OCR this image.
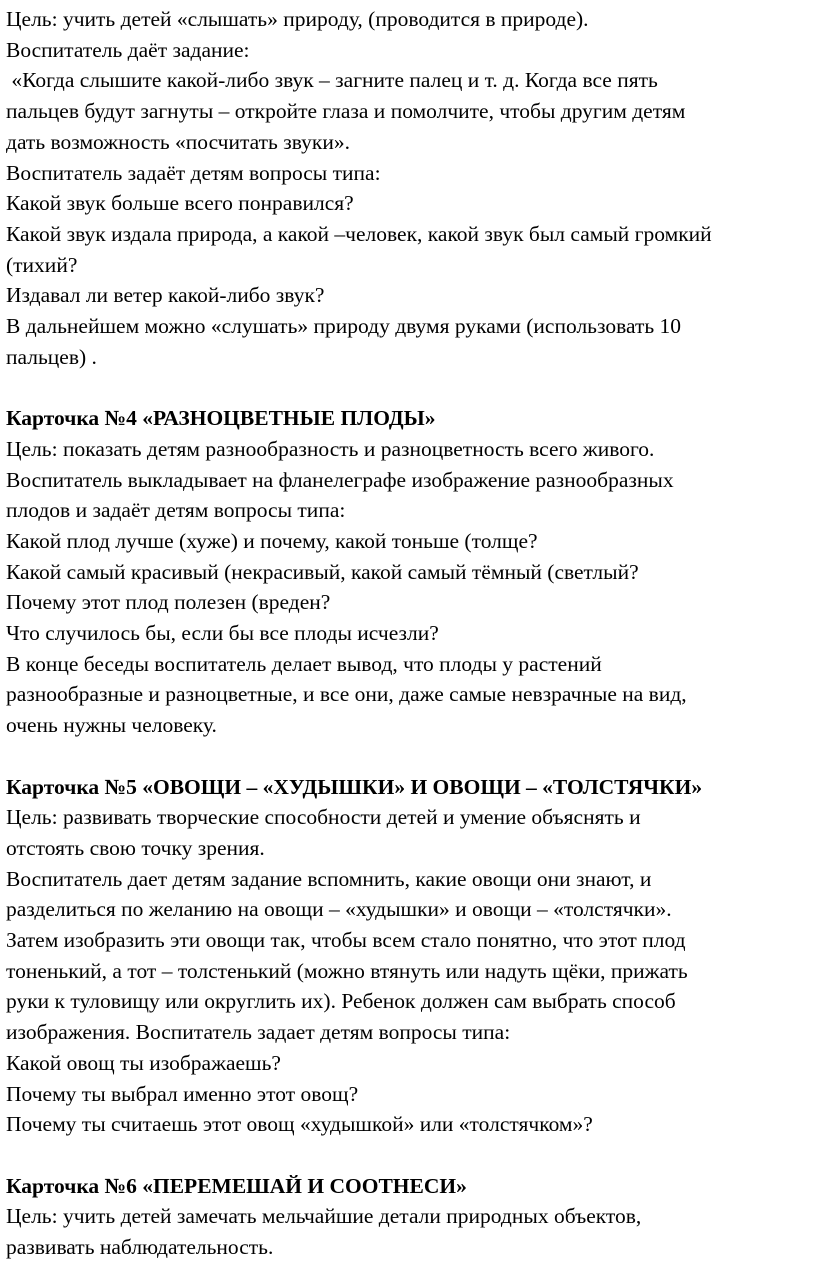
Цель: учить детей «слышать» природу, (проводится в природе).
Воспитатель даёт задание:
«Когда слышите какой-либо звук – загните палец и т. д. Когда все пять
пальцев будут загнуты – откройте глаза и помолчите, чтобы другим детям
дать возможность «посчитать звуки».
Воспитатель задаёт детям вопросы типа:
Какой звук больше всего понравился?
Какой звук издала природа, а какой –человек, какой звук был самый громкий
(тихий?
Издавал ли ветер какой-либо звук?
В дальнейшем можно «слушать» природу двумя руками (использовать 10
пальцев) .
Карточка №4 «РАЗНОЦВЕТНЫЕ ПЛОДЫ»
Цель: показать детям разнообразность и разноцветность всего живого.
Воспитатель выкладывает на фланелеграфе изображение разнообразных
плодов и задаёт детям вопросы типа:
Какой плод лучше (хуже) и почему, какой тоньше (толще?
Какой самый красивый (некрасивый, какой самый тёмный (светлый?
Почему этот плод полезен (вреден?
Что случилось бы, если бы все плоды исчезли?
В конце беседы воспитатель делает вывод, что плоды у растений
разнообразные и разноцветные, и все они, даже самые невзрачные на вид,
очень нужны человеку.
Карточка №5 «ОВОЩИ – «ХУДЫШКИ» И ОВОЩИ – «ТОЛСТЯЧКИ»
Цель: развивать творческие способности детей и умение объяснять и
отстоять свою точку зрения.
Воспитатель дает детям задание вспомнить, какие овощи они знают, и
разделиться по желанию на овощи – «худышки» и овощи – «толстячки».
Затем изобразить эти овощи так, чтобы всем стало понятно, что этот плод
тоненький, а тот – толстенький (можно втянуть или надуть щёки, прижать
руки к туловищу или округлить их). Ребенок должен сам выбрать способ
изображения. Воспитатель задает детям вопросы типа:
Какой овощ ты изображаешь?
Почему ты выбрал именно этот овощ?
Почему ты считаешь этот овощ «худышкой» или «толстячком»?
Карточка №6 «ПЕРЕМЕШАЙ И СООТНЕСИ»
Цель: учить детей замечать мельчайшие детали природных объектов,
развивать наблюдательность.
